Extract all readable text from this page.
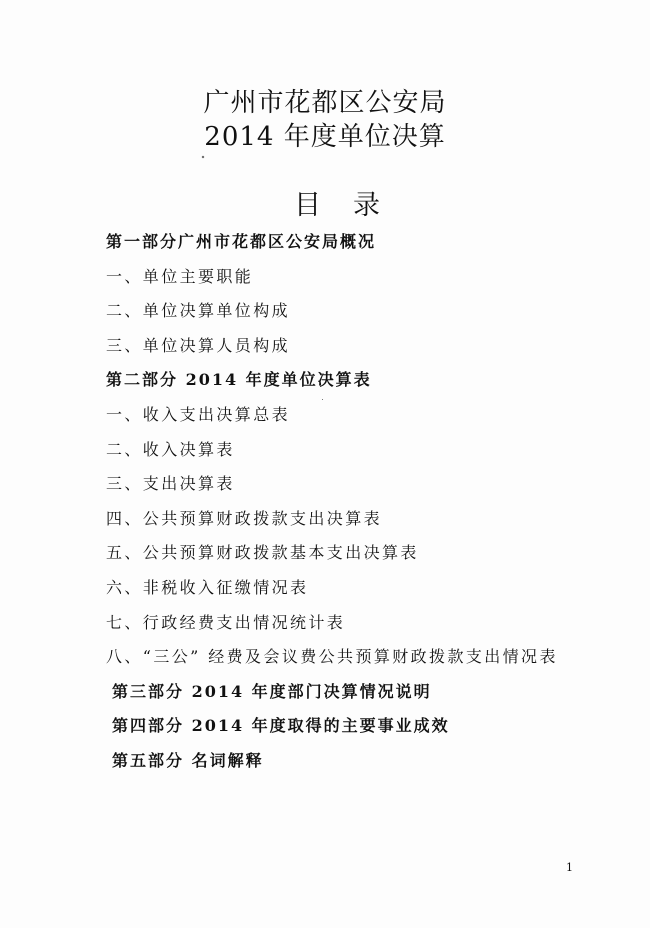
广州市花都区公安局
2014 年度单位决算
目录
第一部分广州市花都区公安局概况
一、单位主要职能
二、单位决算单位构成
三、单位决算人员构成
第二部分 2014 年度单位决算表
一、收入支出决算总表
二、收入决算表
三、支出决算表
四、公共预算财政拨款支出决算表
五、公共预算财政拨款基本支出决算表
六、非税收入征缴情况表
七、行政经费支出情况统计表
八、“三公” 经费及会议费公共预算财政拨款支出情况表
第三部分 2014 年度部门决算情况说明
第四部分 2014 年度取得的主要事业成效
第五部分 名词解释
1
